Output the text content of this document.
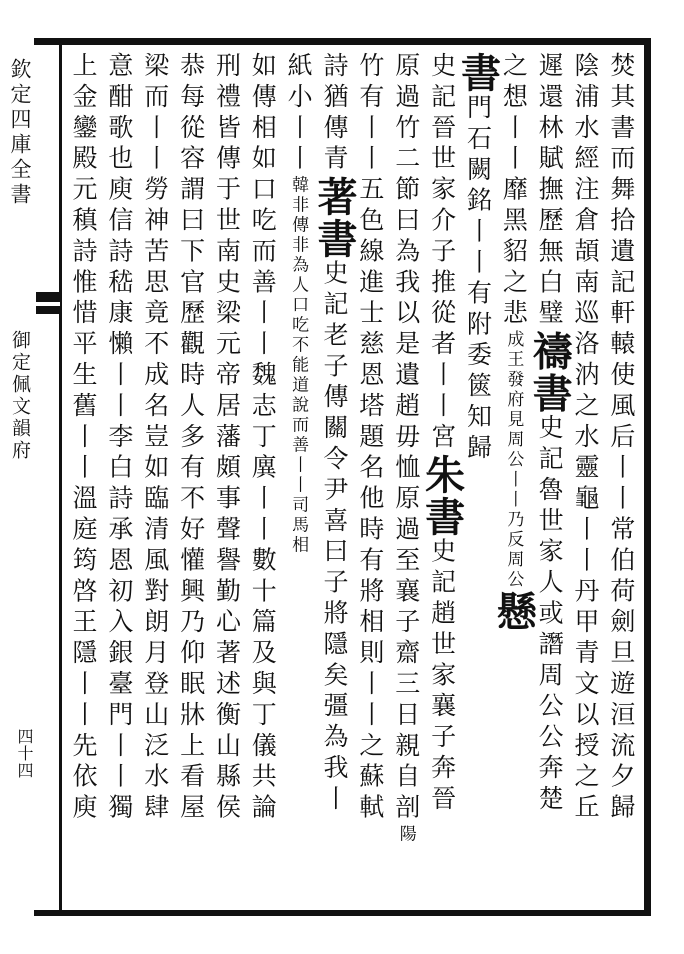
欽定四庫全書
御定佩文韻府
四十四	焚其書而舞拾遺記軒轅使風后丨丨常伯荷劍旦遊洹流夕歸
陰浦水經注倉頡南巡洛汭之水靈龜丨丨丹甲青文以授之丘
遲還林賦撫歷無白璧禱書史記魯世家人或譖周公公奔楚
之想丨丨靡黑貂之悲成王發府見周公丨丨乃反周公懸
書門石闕銘丨丨有附委篋知歸
史記晉世家介子推從者丨丨宮朱書史記趙世家襄子奔晉
原過竹二節曰為我以是遺趙毋恤原過至襄子齋三日親自剖陽
竹有丨丨五色線進士慈恩塔題名他時有將相則丨丨之蘇軾
詩猶傳青著書史記老子傳關令尹喜曰子將隱矣彊為我丨
紙小丨丨韓非傳非為人口吃不能道說而善丨丨司馬相
如傳相如口吃而善丨丨魏志丁廙丨丨數十篇及與丁儀共論
刑禮皆傳于世南史梁元帝居藩頗事聲譽勤心著述衡山縣侯
恭每從容謂曰下官歷觀時人多有不好懽興乃仰眠牀上看屋
梁而丨丨勞神苦思竟不成名豈如臨清風對朗月登山泛水肆
意酣歌也庾信詩嵇康懶丨丨李白詩承恩初入銀臺門丨丨獨
上金鑾殿元稹詩惟惜平生舊丨丨溫庭筠啓王隱丨丨先依庾
